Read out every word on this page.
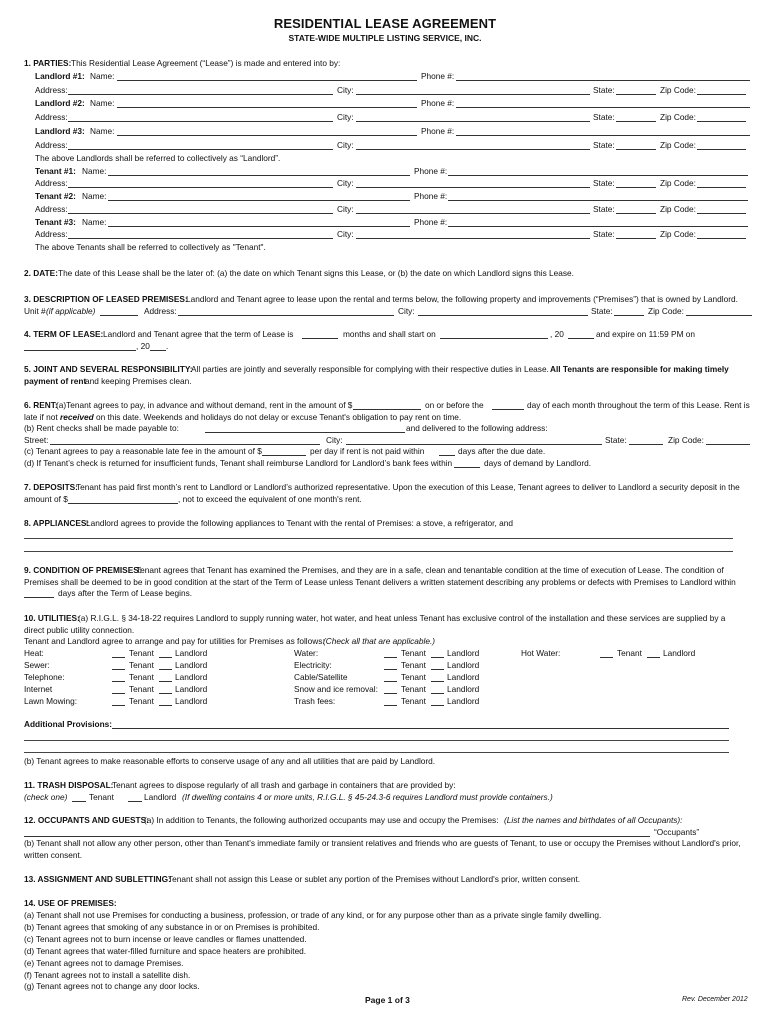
RESIDENTIAL LEASE AGREEMENT
STATE-WIDE MULTIPLE LISTING SERVICE, INC.
1. PARTIES: This Residential Lease Agreement (“Lease”) is made and entered into by:
Landlord #1: Name:	Phone #:
Address:	City:	State:	Zip Code:
Landlord #2: Name:	Phone #:
Address:	City:	State:	Zip Code:
Landlord #3: Name:	Phone #:
Address:	City:	State:	Zip Code:
The above Landlords shall be referred to collectively as “Landlord”.
Tenant #1: Name:	Phone #:
Address:	City:	State:	Zip Code:
Tenant #2: Name:	Phone #:
Address:	City:	State:	Zip Code:
Tenant #3: Name:	Phone #:
Address:	City:	State:	Zip Code:
The above Tenants shall be referred to collectively as "Tenant".
2. DATE: The date of this Lease shall be the later of: (a) the date on which Tenant signs this Lease, or (b) the date on which Landlord signs this Lease.
3. DESCRIPTION OF LEASED PREMISES:
Landlord and Tenant agree to lease upon the rental and terms below, the following property and improvements (“Premises”) that is owned by Landlord.
Unit # (if applicable)	Address:	City:	State:	Zip Code:
4. TERM OF LEASE: Landlord and Tenant agree that the term of Lease is	months and shall start on	, 20	and expire on 11:59 PM on
, 20 .
5. JOINT AND SEVERAL RESPONSIBILITY:
All parties are jointly and severally responsible for complying with their respective duties in Lease. All Tenants are responsible for making timely
payment of rent
and keeping Premises clean.
6. RENT:
(a)Tenant agrees to pay, in advance and without demand, rent in the amount of $	on or before the	day of each month throughout the term of this Lease. Rent is
late if not received on this date. Weekends and holidays do not delay or excuse Tenant's obligation to pay rent on time.
(b) Rent checks shall be made payable to:	and delivered to the following address:
Street:	City:	State:	Zip Code:
(c) Tenant agrees to pay a reasonable late fee in the amount of $	per day if rent is not paid within	days after the due date.
(d) If Tenant’s check is returned for insufficient funds, Tenant shall reimburse Landlord for Landlord’s bank fees within	days of demand by Landlord.
7. DEPOSITS:
Tenant has paid first month’s rent to Landlord or Landlord’s authorized representative. Upon the execution of this Lease, Tenant agrees to deliver to Landlord a security deposit in the
amount of $	, not to exceed the equivalent of one month's rent.
8. APPLIANCES:
Landlord agrees to provide the following appliances to Tenant with the rental of Premises: a stove, a refrigerator, and
9. CONDITION OF PREMISES:
Tenant agrees that Tenant has examined the Premises, and they are in a safe, clean and tenantable condition at the time of execution of Lease. The condition of
Premises shall be deemed to be in good condition at the start of the Term of Lease unless Tenant delivers a written statement describing any problems or defects with Premises to Landlord within
days after the Term of Lease begins.
10. UTILITIES:
(a) R.I.G.L. § 34-18-22 requires Landlord to supply running water, hot water, and heat unless Tenant has exclusive control of the installation and these services are supplied by a
direct public utility connection.
Tenant and Landlord agree to arrange and pay for utilities for Premises as follows:
(Check all that are applicable.)
Heat:	Tenant	Landlord
Sewer:	Tenant	Landlord
Telephone:	Tenant	Landlord
Internet	Tenant	Landlord
Lawn Mowing:	Tenant	Landlord
Water:	Tenant	Landlord
Electricity:	Tenant	Landlord
Cable/Satellite	Tenant	Landlord
Snow and ice removal:	Tenant	Landlord
Trash fees:	Tenant	Landlord
Hot Water:	Tenant	Landlord
Additional Provisions:
(b) Tenant agrees to make reasonable efforts to conserve usage of any and all utilities that are paid by Landlord.
11. TRASH DISPOSAL:
Tenant agrees to dispose regularly of all trash and garbage in containers that are provided by:
(check one)	Tenant	Landlord (If dwelling contains 4 or more units, R.I.G.L. § 45-24.3-6 requires Landlord must provide containers.)
12. OCCUPANTS AND GUESTS:
(a) In addition to Tenants, the following authorized occupants may use and occupy the Premises: (List the names and birthdates of all Occupants):
“Occupants”
(b) Tenant shall not allow any other person, other than Tenant's immediate family or transient relatives and friends who are guests of Tenant, to use or occupy the Premises without Landlord's prior,
written consent.
13. ASSIGNMENT AND SUBLETTING:
Tenant shall not assign this Lease or sublet any portion of the Premises without Landlord's prior, written consent.
14. USE OF PREMISES:
(a) Tenant shall not use Premises for conducting a business, profession, or trade of any kind, or for any purpose other than as a private single family dwelling.
(b) Tenant agrees that smoking of any substance in or on Premises is prohibited.
(c) Tenant agrees not to burn incense or leave candles or flames unattended.
(d) Tenant agrees that water-filled furniture and space heaters are prohibited.
(e) Tenant agrees not to damage Premises.
(f) Tenant agrees not to install a satellite dish.
(g) Tenant agrees not to change any door locks.
Page 1 of 3	Rev. December 2012
